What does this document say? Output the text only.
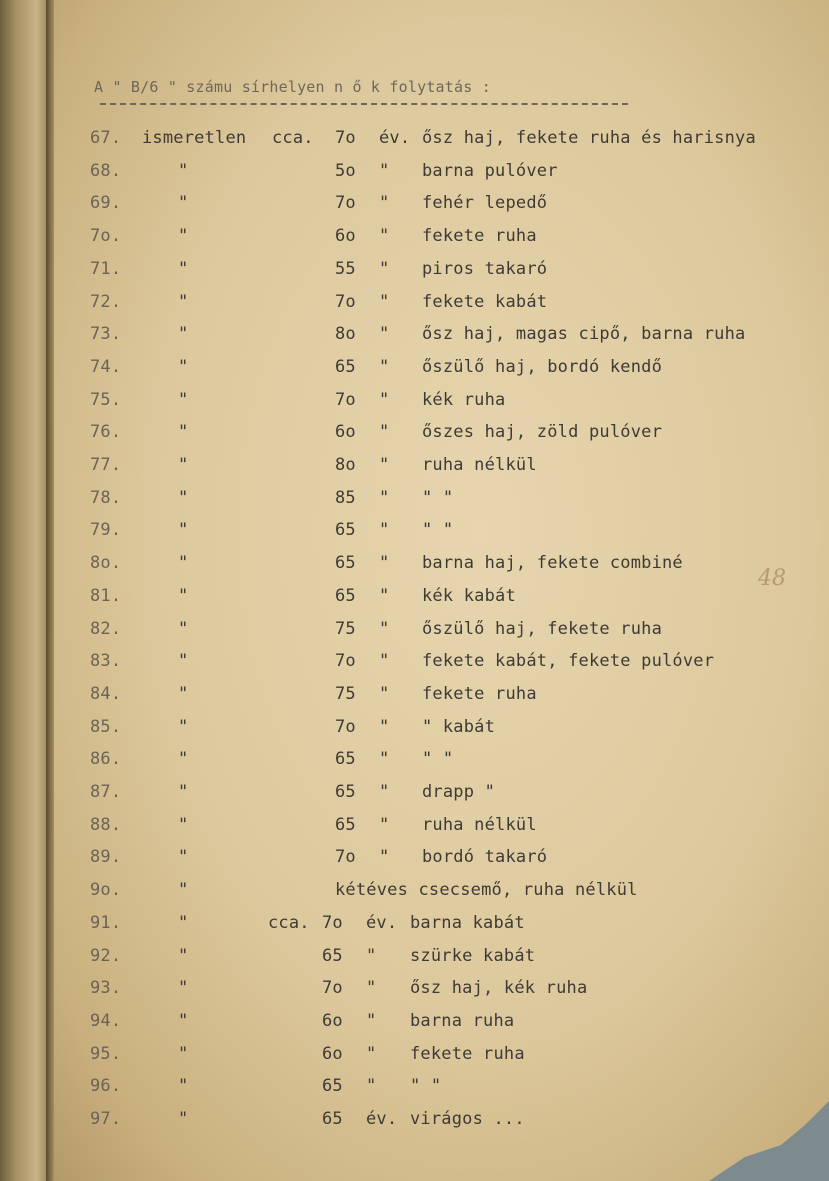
A " B/6 " számu sírhelyen n ő k folytatás :
48
67. ismeretlen cca. 7o év. ősz haj, fekete ruha és harisnya
68.	"	5o " barna pulóver
69.	"	7o " fehér lepedő
7o.	"	6o " fekete ruha
71.	"	55 " piros takaró
72.	"	7o " fekete kabát
73.	"	8o " ősz haj, magas cipő, barna ruha
74.	"	65 " őszülő haj, bordó kendő
75.	"	7o " kék ruha
76.	"	6o " őszes haj, zöld pulóver
77.	"	8o " ruha nélkül
78.	"	85 " " "
79.	"	65 " " "
8o.	"	65 " barna haj, fekete combiné
81.	"	65 " kék kabát
82.	"	75 " őszülő haj, fekete ruha
83.	"	7o " fekete kabát, fekete pulóver
84.	"	75 " fekete ruha
85.	"	7o " " kabát
86.	"	65 " " "
87.	"	65 " drapp "
88.	"	65 " ruha nélkül
89.	"	7o " bordó takaró
9o.	"	kétéves csecsemő, ruha nélkül
91.	"	cca. 7o év. barna kabát
92.	"	65 " szürke kabát
93.	"	7o " ősz haj, kék ruha
94.	"	6o " barna ruha
95.	"	6o " fekete ruha
96.	"	65 " " "
97.	"	65 év. virágos ...
